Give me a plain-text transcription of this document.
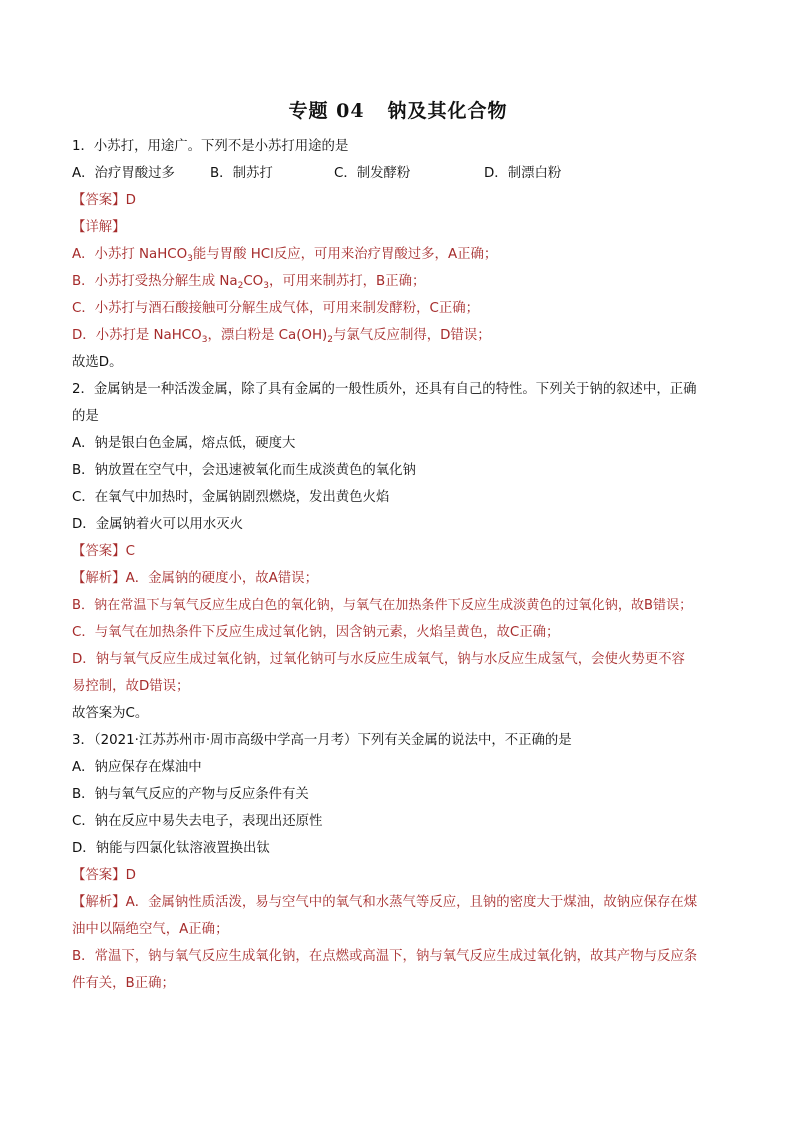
专题 04 钠及其化合物
1．小苏打，用途广。下列不是小苏打用途的是
A．治疗胃酸过多	B．制苏打	C．制发酵粉	D．制漂白粉
【答案】D
【详解】
A．小苏打 NaHCO$_3$能与胃酸 HCl反应，可用来治疗胃酸过多，A正确；
B．小苏打受热分解生成 $Na_2CO_3$，可用来制苏打，B正确；
C．小苏打与酒石酸接触可分解生成气体，可用来制发酵粉，C正确；
D．小苏打是 NaHCO$_3$，漂白粉是 $Ca(OH)_2$与氯气反应制得，D错误；
故选D。
2．金属钠是一种活泼金属，除了具有金属的一般性质外，还具有自己的特性。下列关于钠的叙述中，正确
的是
A．钠是银白色金属，熔点低，硬度大
B．钠放置在空气中，会迅速被氧化而生成淡黄色的氧化钠
C．在氧气中加热时，金属钠剧烈燃烧，发出黄色火焰
D．金属钠着火可以用水灭火
【答案】C
【解析】A．金属钠的硬度小，故A错误；
B．钠在常温下与氧气反应生成白色的氧化钠，与氧气在加热条件下反应生成淡黄色的过氧化钠，故B错误；
C．与氧气在加热条件下反应生成过氧化钠，因含钠元素，火焰呈黄色，故C正确；
D．钠与氧气反应生成过氧化钠，过氧化钠可与水反应生成氧气，钠与水反应生成氢气，会使火势更不容
易控制，故D错误；
故答案为C。
3．（2021·江苏苏州市·周市高级中学高一月考）下列有关金属的说法中，不正确的是
A．钠应保存在煤油中
B．钠与氧气反应的产物与反应条件有关
C．钠在反应中易失去电子，表现出还原性
D．钠能与四氯化钛溶液置换出钛
【答案】D
【解析】A．金属钠性质活泼，易与空气中的氧气和水蒸气等反应，且钠的密度大于煤油，故钠应保存在煤
油中以隔绝空气，A正确；
B．常温下，钠与氧气反应生成氧化钠，在点燃或高温下，钠与氧气反应生成过氧化钠，故其产物与反应条
件有关，B正确；
